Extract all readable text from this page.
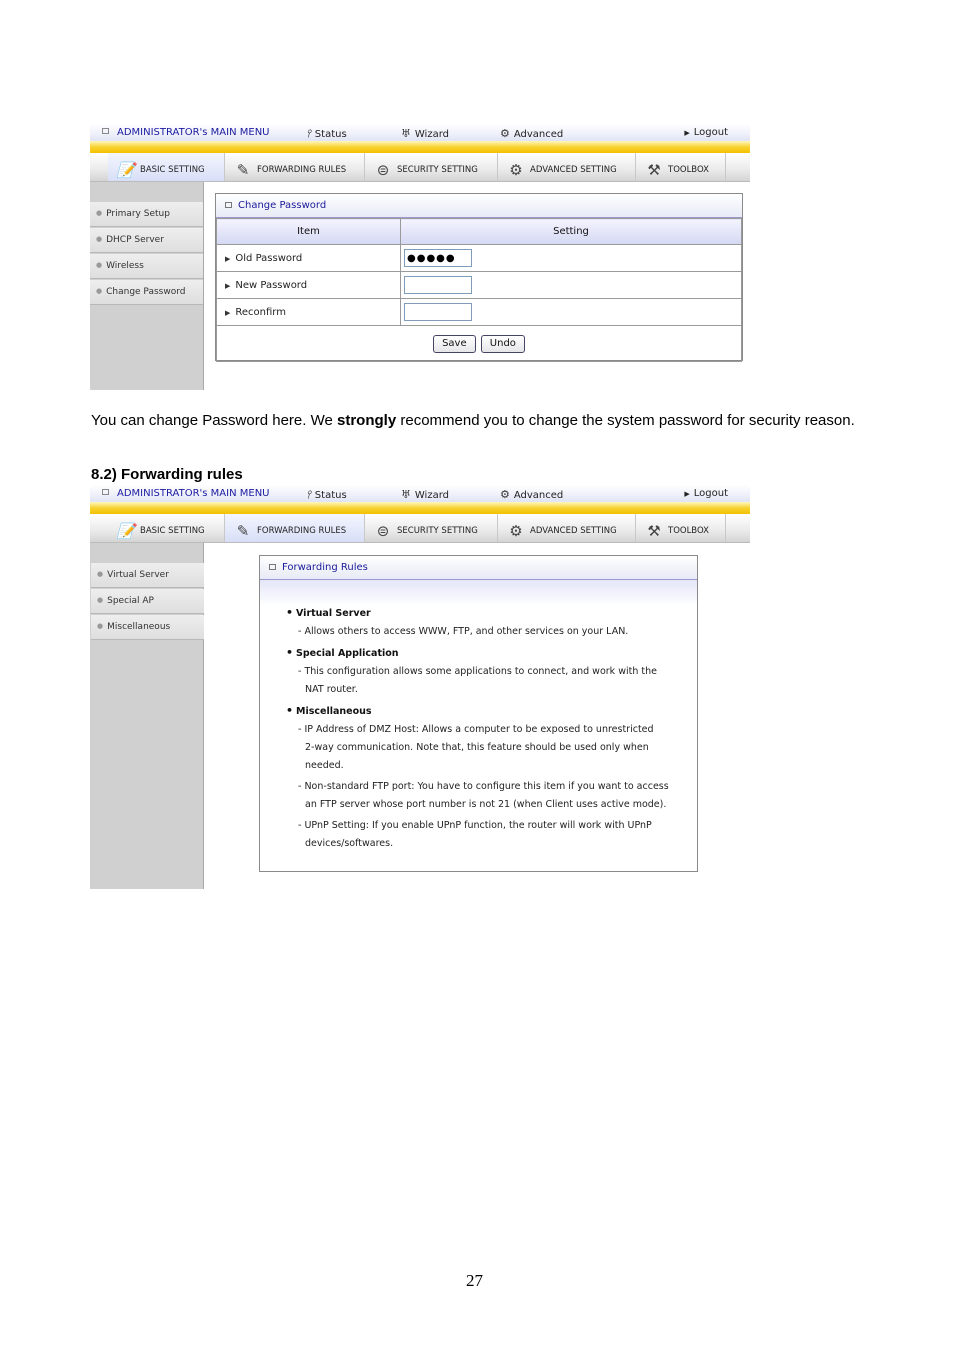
ADMINISTRATOR's MAIN MENU	⫯ Status	♅ Wizard	⚙ Advanced	▶ Logout
📝 BASIC SETTING	✎ FORWARDING RULES	⊜ SECURITY SETTING	⚙ ADVANCED SETTING	⚒ TOOLBOX
● Primary Setup
● DHCP Server
● Wireless
● Change Password
Change Password
Item	Setting
▶ Old Password	●●●●●
▶ New Password	
▶ Reconfirm	
Save Undo	
You can change Password here. We strongly recommend you to change the system password for security reason.
8.2) Forwarding rules
ADMINISTRATOR's MAIN MENU	⫯ Status	♅ Wizard	⚙ Advanced	▶ Logout
📝 BASIC SETTING	✎ FORWARDING RULES	⊜ SECURITY SETTING	⚙ ADVANCED SETTING	⚒ TOOLBOX
● Virtual Server
● Special AP
● Miscellaneous
Forwarding Rules
• Virtual Server
- Allows others to access WWW, FTP, and other services on your LAN.
• Special Application
- This configuration allows some applications to connect, and work with the
NAT router.
• Miscellaneous
- IP Address of DMZ Host: Allows a computer to be exposed to unrestricted
2-way communication. Note that, this feature should be used only when
needed.
- Non-standard FTP port: You have to configure this item if you want to access
an FTP server whose port number is not 21 (when Client uses active mode).
- UPnP Setting: If you enable UPnP function, the router will work with UPnP
devices/softwares.
27
